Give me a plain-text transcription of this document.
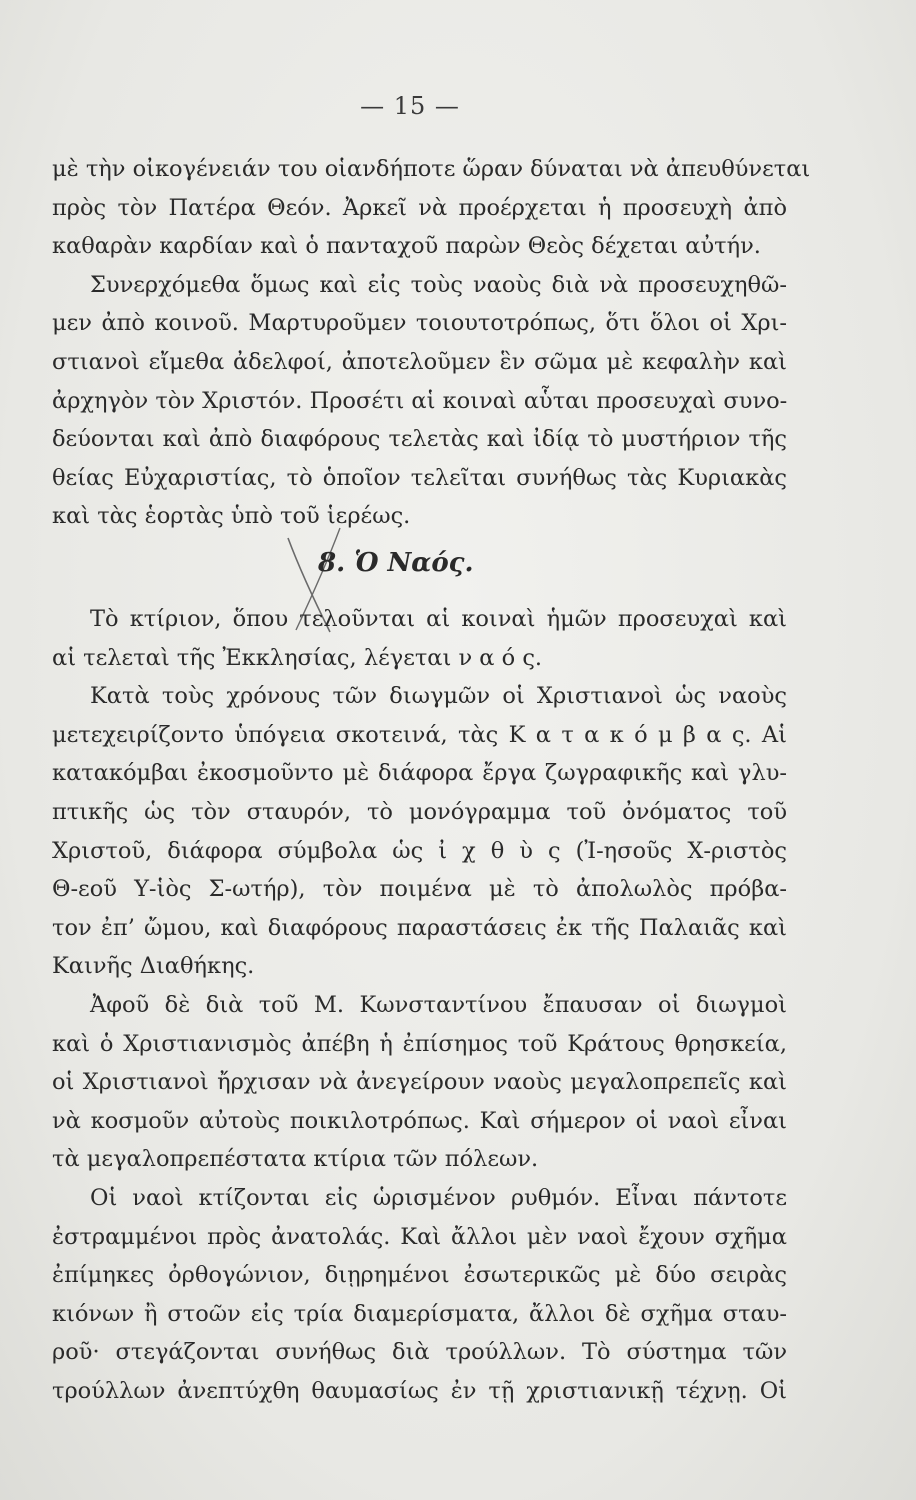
— 15 —
μὲ τὴν οἰκογένειάν του οἱανδήποτε ὥραν δύναται νὰ ἀπευθύνεται
πρὸς τὸν Πατέρα Θεόν. Ἀρκεῖ νὰ προέρχεται ἡ προσευχὴ ἀπὸ
καθαρὰν καρδίαν καὶ ὁ πανταχοῦ παρὼν Θεὸς δέχεται αὐτήν.
Συνερχόμεθα ὅμως καὶ εἰς τοὺς ναοὺς διὰ νὰ προσευχηθῶ-
μεν ἀπὸ κοινοῦ. Μαρτυροῦμεν τοιουτοτρόπως, ὅτι ὅλοι οἱ Χρι-
στιανοὶ εἴμεθα ἀδελφοί, ἀποτελοῦμεν ἓν σῶμα μὲ κεφαλὴν καὶ
ἀρχηγὸν τὸν Χριστόν. Προσέτι αἱ κοιναὶ αὗται προσευχαὶ συνο-
δεύονται καὶ ἀπὸ διαφόρους τελετὰς καὶ ἰδίᾳ τὸ μυστήριον τῆς
θείας Εὐχαριστίας, τὸ ὁποῖον τελεῖται συνήθως τὰς Κυριακὰς
καὶ τὰς ἑορτὰς ὑπὸ τοῦ ἱερέως.
8. Ὁ Ναός.
Τὸ κτίριον, ὅπου τελοῦνται αἱ κοιναὶ ἡμῶν προσευχαὶ καὶ
αἱ τελεταὶ τῆς Ἐκκλησίας, λέγεται ν α ό ς.
Κατὰ τοὺς χρόνους τῶν διωγμῶν οἱ Χριστιανοὶ ὡς ναοὺς
μετεχειρίζοντο ὑπόγεια σκοτεινά, τὰς Κ α τ α κ ό μ β α ς. Αἱ
κατακόμβαι ἐκοσμοῦντο μὲ διάφορα ἔργα ζωγραφικῆς καὶ γλυ-
πτικῆς ὡς τὸν σταυρόν, τὸ μονόγραμμα τοῦ ὀνόματος τοῦ
Χριστοῦ, διάφορα σύμβολα ὡς ἰ χ θ ὺ ς (Ἰ-ησοῦς Χ-ριστὸς
Θ-εοῦ Υ-ἱὸς Σ-ωτήρ), τὸν ποιμένα μὲ τὸ ἀπολωλὸς πρόβα-
τον ἐπ’ ὤμου, καὶ διαφόρους παραστάσεις ἐκ τῆς Παλαιᾶς καὶ
Καινῆς Διαθήκης.
Ἀφοῦ δὲ διὰ τοῦ Μ. Κωνσταντίνου ἔπαυσαν οἱ διωγμοὶ
καὶ ὁ Χριστιανισμὸς ἀπέβη ἡ ἐπίσημος τοῦ Κράτους θρησκεία,
οἱ Χριστιανοὶ ἤρχισαν νὰ ἀνεγείρουν ναοὺς μεγαλοπρεπεῖς καὶ
νὰ κοσμοῦν αὐτοὺς ποικιλοτρόπως. Καὶ σήμερον οἱ ναοὶ εἶναι
τὰ μεγαλοπρεπέστατα κτίρια τῶν πόλεων.
Οἱ ναοὶ κτίζονται εἰς ὡρισμένον ρυθμόν. Εἶναι πάντοτε
ἐστραμμένοι πρὸς ἀνατολάς. Καὶ ἄλλοι μὲν ναοὶ ἔχουν σχῆμα
ἐπίμηκες ὀρθογώνιον, διῃρημένοι ἐσωτερικῶς μὲ δύο σειρὰς
κιόνων ἢ στοῶν εἰς τρία διαμερίσματα, ἄλλοι δὲ σχῆμα σταυ-
ροῦ· στεγάζονται συνήθως διὰ τρούλλων. Τὸ σύστημα τῶν
τρούλλων ἀνεπτύχθη θαυμασίως ἐν τῇ χριστιανικῇ τέχνῃ. Οἱ
